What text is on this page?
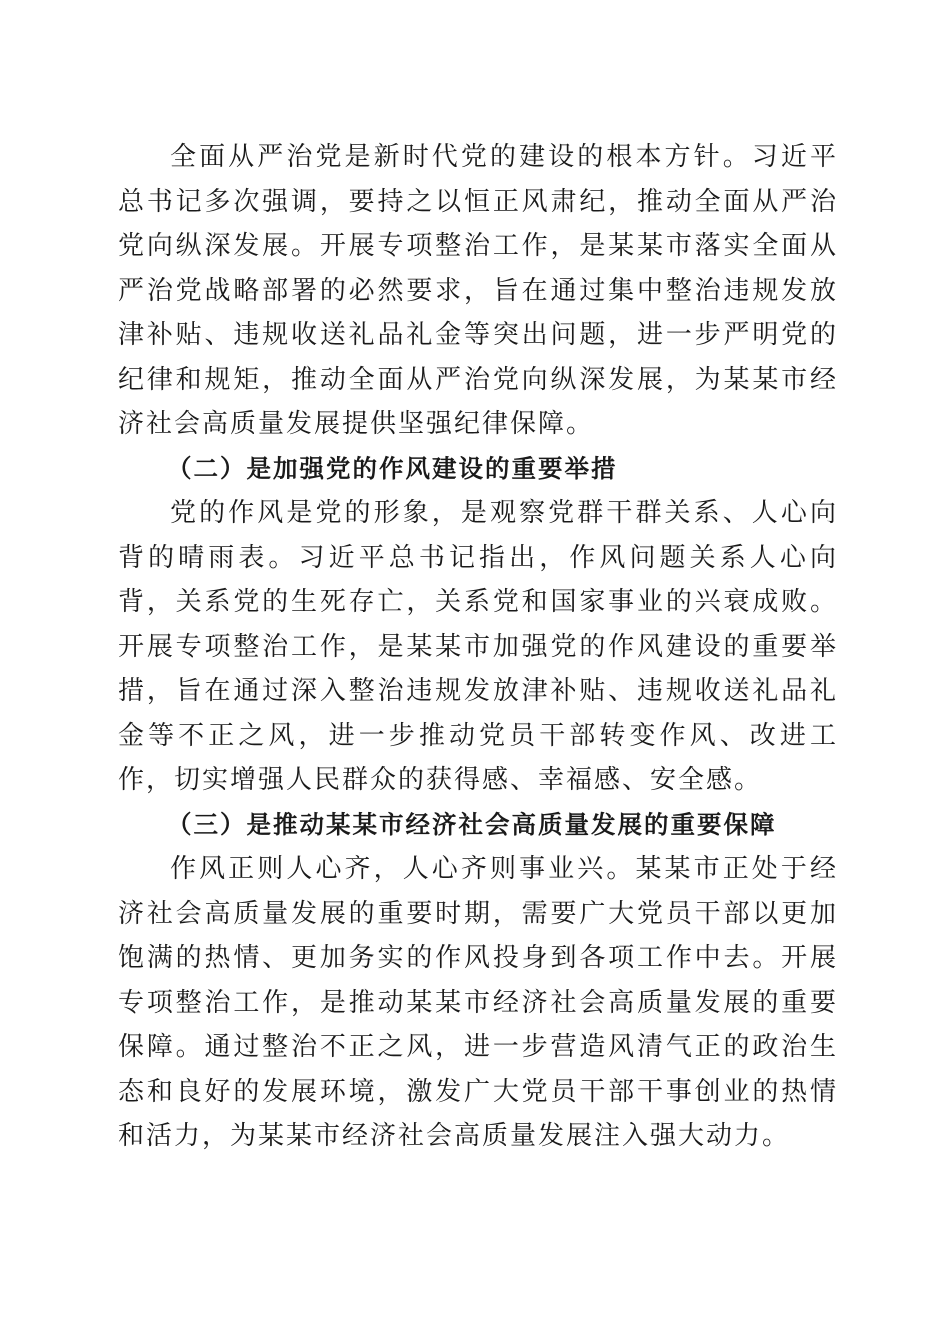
全面从严治党是新时代党的建设的根本方针。习近平总书记多次强调，要持之以恒正风肃纪，推动全面从严治党向纵深发展。开展专项整治工作，是某某市落实全面从严治党战略部署的必然要求，旨在通过集中整治违规发放津补贴、违规收送礼品礼金等突出问题，进一步严明党的纪律和规矩，推动全面从严治党向纵深发展，为某某市经济社会高质量发展提供坚强纪律保障。

（二）是加强党的作风建设的重要举措

党的作风是党的形象，是观察党群干群关系、人心向背的晴雨表。习近平总书记指出，作风问题关系人心向背，关系党的生死存亡，关系党和国家事业的兴衰成败。开展专项整治工作，是某某市加强党的作风建设的重要举措，旨在通过深入整治违规发放津补贴、违规收送礼品礼金等不正之风，进一步推动党员干部转变作风、改进工作，切实增强人民群众的获得感、幸福感、安全感。

（三）是推动某某市经济社会高质量发展的重要保障

作风正则人心齐，人心齐则事业兴。某某市正处于经济社会高质量发展的重要时期，需要广大党员干部以更加饱满的热情、更加务实的作风投身到各项工作中去。开展专项整治工作，是推动某某市经济社会高质量发展的重要保障。通过整治不正之风，进一步营造风清气正的政治生态和良好的发展环境，激发广大党员干部干事创业的热情和活力，为某某市经济社会高质量发展注入强大动力。
